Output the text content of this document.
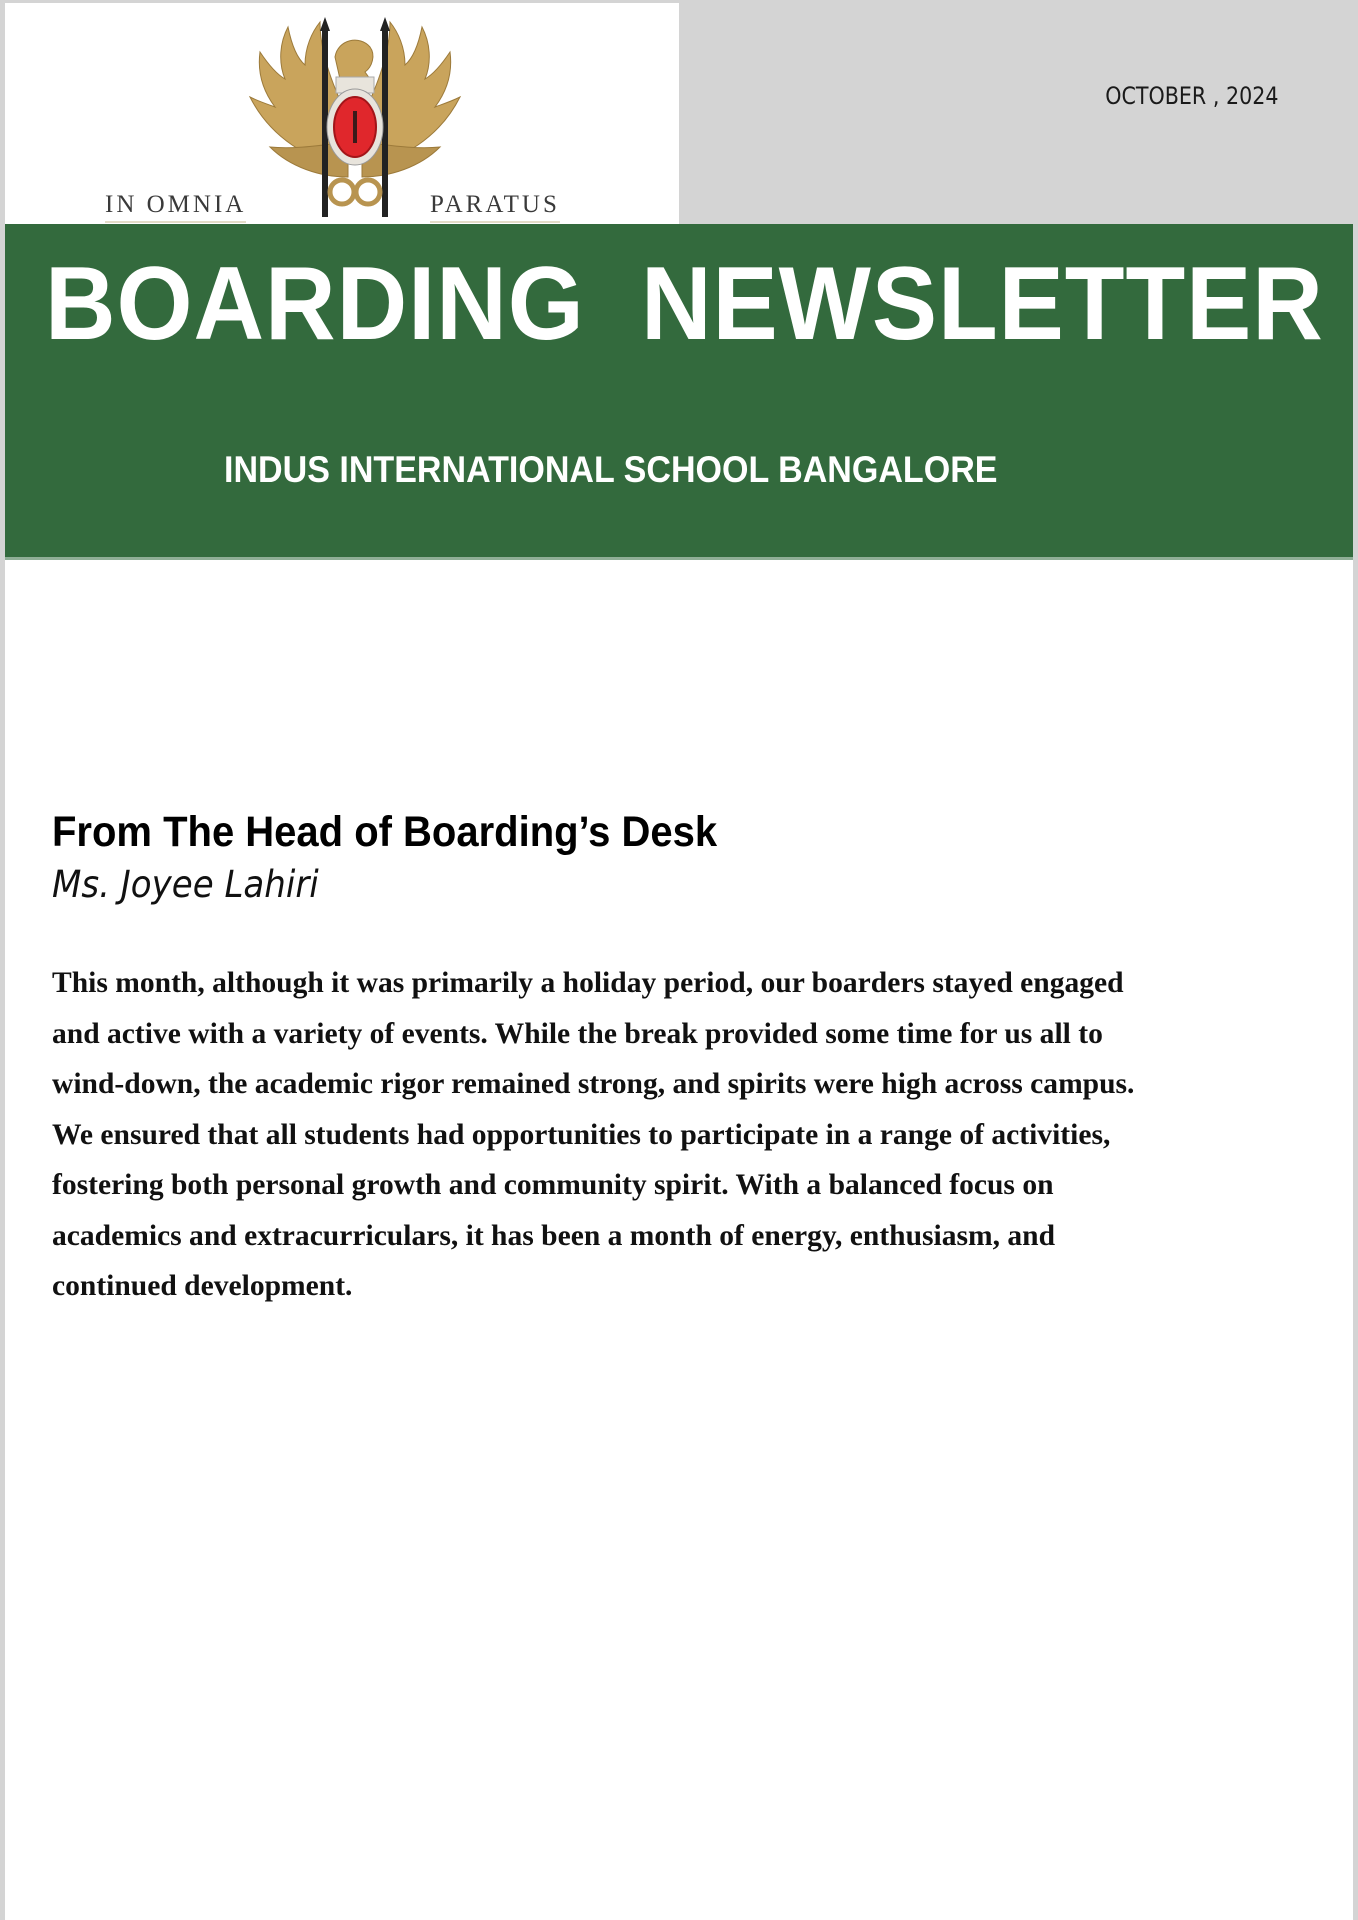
IN OMNIA	PARATUS
OCTOBER , 2024
BOARDING  NEWSLETTER
INDUS INTERNATIONAL SCHOOL BANGALORE
From The Head of Boarding’s Desk
Ms. Joyee Lahiri
This month, although it was primarily a holiday period, our boarders stayed engaged
and active with a variety of events. While the break provided some time for us all to
wind-down, the academic rigor remained strong, and spirits were high across campus.
We ensured that all students had opportunities to participate in a range of activities,
fostering both personal growth and community spirit. With a balanced focus on
academics and extracurriculars, it has been a month of energy, enthusiasm, and
continued development.
